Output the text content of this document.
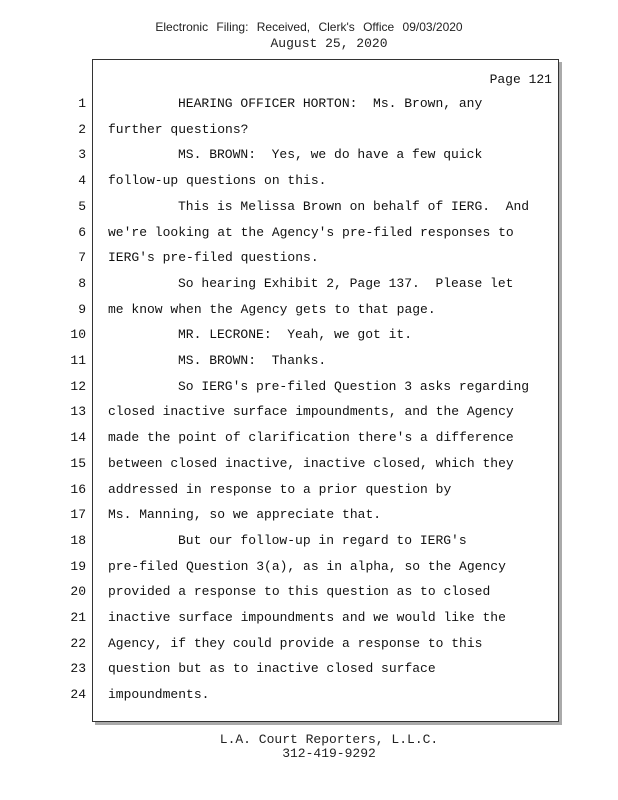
Electronic Filing: Received, Clerk's Office 09/03/2020
August 25, 2020
Page 121
1	HEARING OFFICER HORTON:  Ms. Brown, any
2 further questions?
3	MS. BROWN:  Yes, we do have a few quick
4 follow-up questions on this.
5	This is Melissa Brown on behalf of IERG.  And
6 we're looking at the Agency's pre-filed responses to
7 IERG's pre-filed questions.
8	So hearing Exhibit 2, Page 137.  Please let
9 me know when the Agency gets to that page.
10	MR. LECRONE:  Yeah, we got it.
11	MS. BROWN:  Thanks.
12	So IERG's pre-filed Question 3 asks regarding
13 closed inactive surface impoundments, and the Agency
14 made the point of clarification there's a difference
15 between closed inactive, inactive closed, which they
16 addressed in response to a prior question by
17 Ms. Manning, so we appreciate that.
18	But our follow-up in regard to IERG's
19 pre-filed Question 3(a), as in alpha, so the Agency
20 provided a response to this question as to closed
21 inactive surface impoundments and we would like the
22 Agency, if they could provide a response to this
23 question but as to inactive closed surface
24 impoundments.
L.A. Court Reporters, L.L.C.
312-419-9292
